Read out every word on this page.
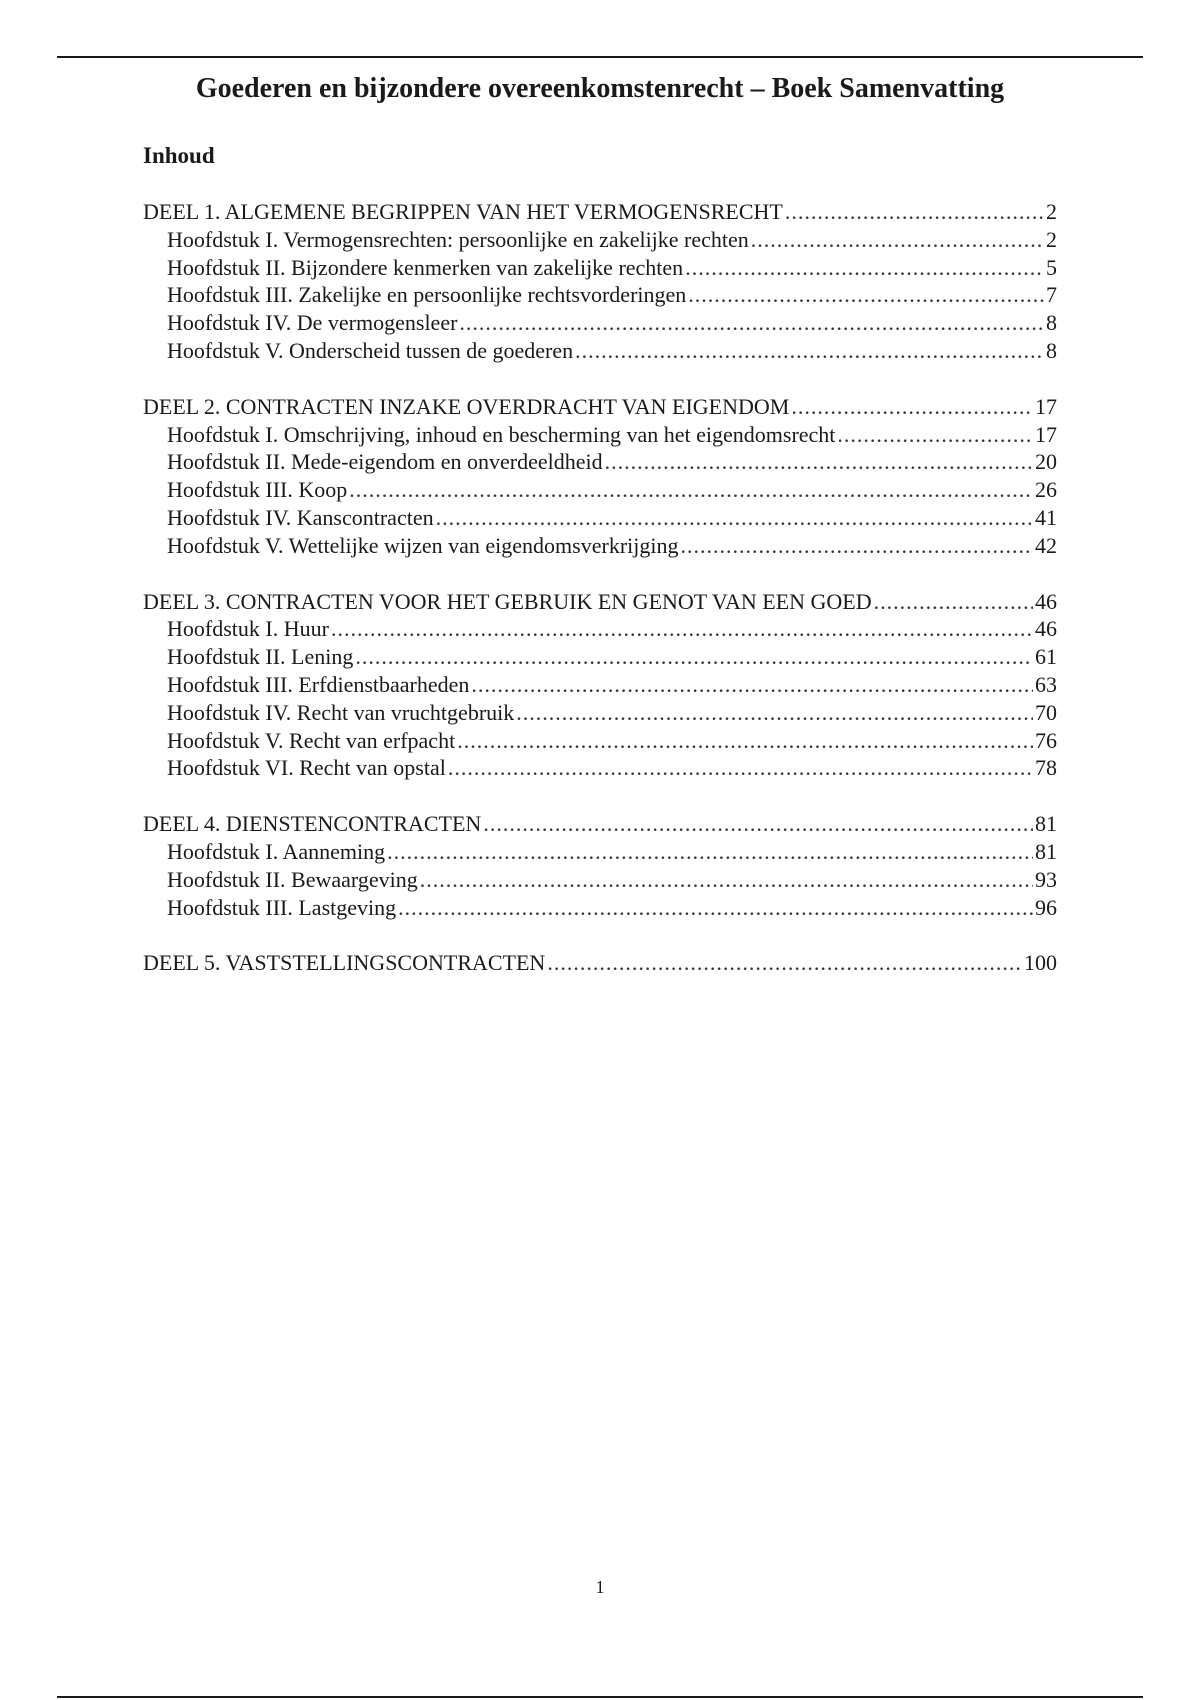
Goederen en bijzondere overeenkomstenrecht – Boek Samenvatting
Inhoud
DEEL 1. ALGEMENE BEGRIPPEN VAN HET VERMOGENSRECHT .....	2
Hoofdstuk I. Vermogensrechten: persoonlijke en zakelijke rechten .....	2
Hoofdstuk II. Bijzondere kenmerken van zakelijke rechten .....	5
Hoofdstuk III. Zakelijke en persoonlijke rechtsvorderingen .....	7
Hoofdstuk IV. De vermogensleer .....	8
Hoofdstuk V. Onderscheid tussen de goederen .....	8
DEEL 2. CONTRACTEN INZAKE OVERDRACHT VAN EIGENDOM .....	17
Hoofdstuk I. Omschrijving, inhoud en bescherming van het eigendomsrecht .....	17
Hoofdstuk II. Mede-eigendom en onverdeeldheid .....	20
Hoofdstuk III. Koop .....	26
Hoofdstuk IV. Kanscontracten .....	41
Hoofdstuk V. Wettelijke wijzen van eigendomsverkrijging .....	42
DEEL 3. CONTRACTEN VOOR HET GEBRUIK EN GENOT VAN EEN GOED .....	46
Hoofdstuk I. Huur .....	46
Hoofdstuk II. Lening .....	61
Hoofdstuk III. Erfdienstbaarheden .....	63
Hoofdstuk IV. Recht van vruchtgebruik .....	70
Hoofdstuk V. Recht van erfpacht .....	76
Hoofdstuk VI. Recht van opstal .....	78
DEEL 4. DIENSTENCONTRACTEN .....	81
Hoofdstuk I. Aanneming .....	81
Hoofdstuk II. Bewaargeving .....	93
Hoofdstuk III. Lastgeving .....	96
DEEL 5. VASTSTELLINGSCONTRACTEN .....	100
1
